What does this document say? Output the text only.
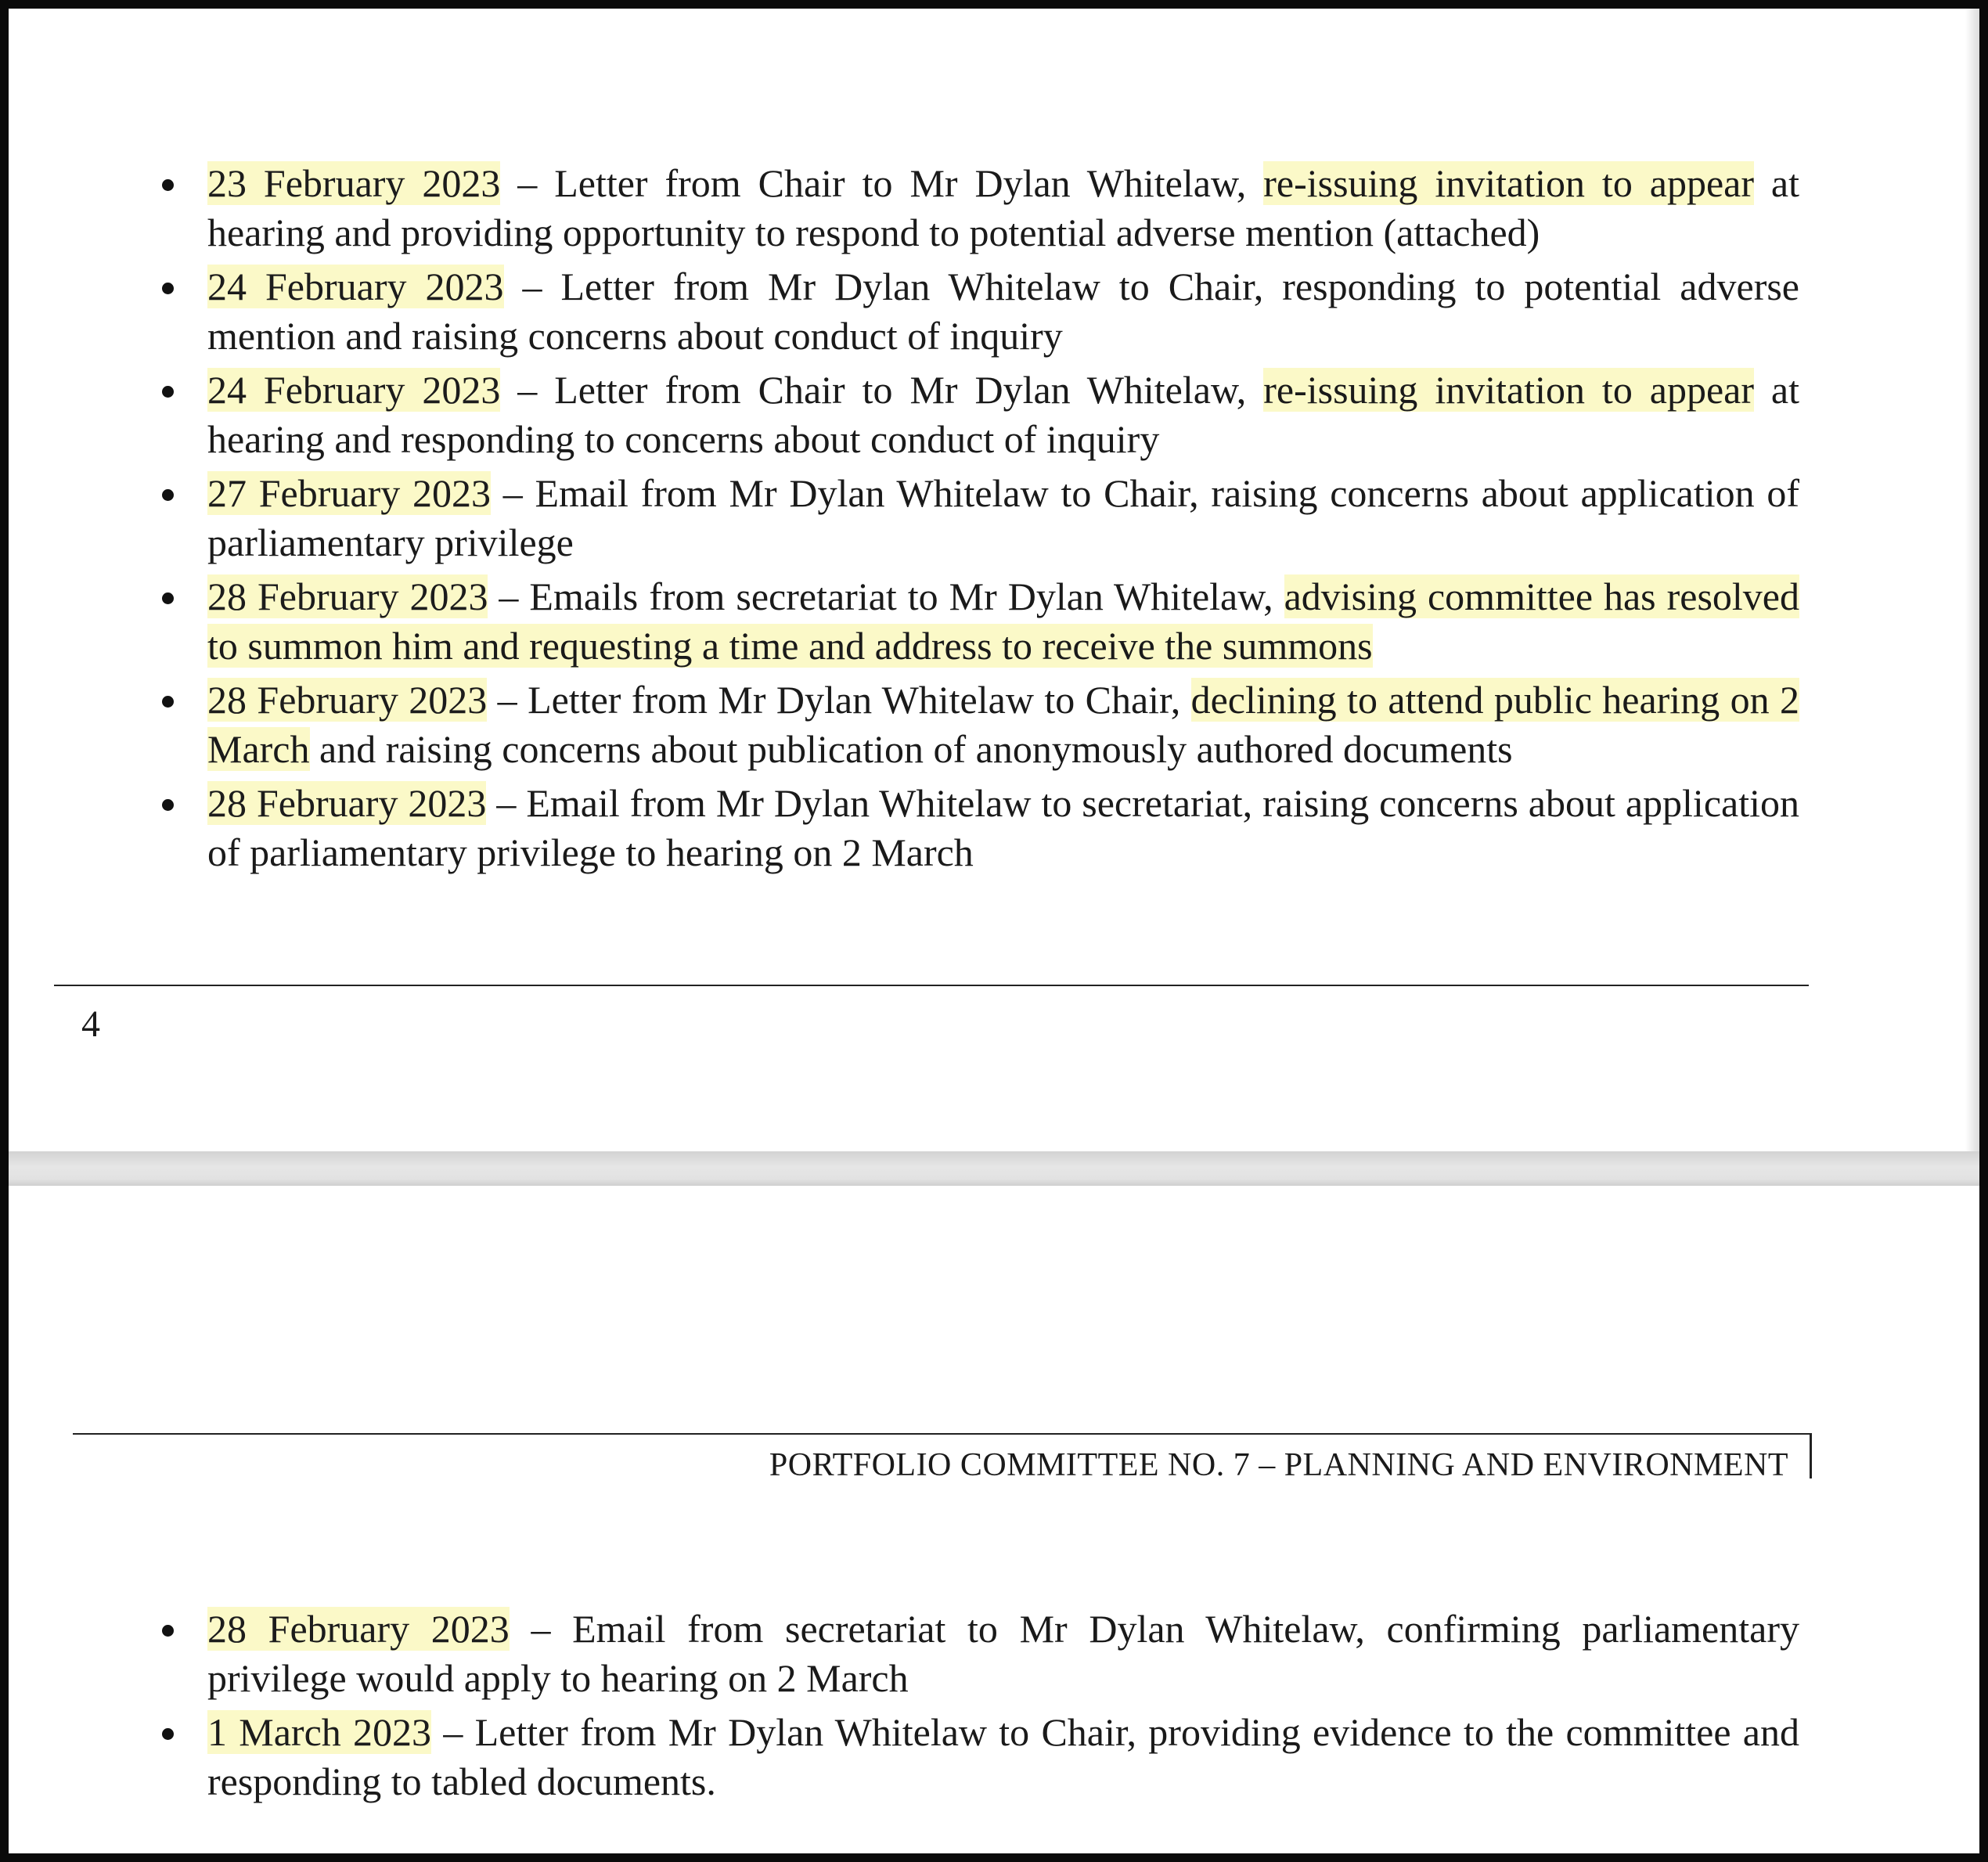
23 February 2023 – Letter from Chair to Mr Dylan Whitelaw, re-issuing invitation to appear at hearing and providing opportunity to respond to potential adverse mention (attached)
24 February 2023 – Letter from Mr Dylan Whitelaw to Chair, responding to potential adverse mention and raising concerns about conduct of inquiry
24 February 2023 – Letter from Chair to Mr Dylan Whitelaw, re-issuing invitation to appear at hearing and responding to concerns about conduct of inquiry
27 February 2023 – Email from Mr Dylan Whitelaw to Chair, raising concerns about application of parliamentary privilege
28 February 2023 – Emails from secretariat to Mr Dylan Whitelaw, advising committee has resolved to summon him and requesting a time and address to receive the summons
28 February 2023 – Letter from Mr Dylan Whitelaw to Chair, declining to attend public hearing on 2 March and raising concerns about publication of anonymously authored documents
28 February 2023 – Email from Mr Dylan Whitelaw to secretariat, raising concerns about application of parliamentary privilege to hearing on 2 March
4
PORTFOLIO COMMITTEE NO. 7 – PLANNING AND ENVIRONMENT
28 February 2023 – Email from secretariat to Mr Dylan Whitelaw, confirming parliamentary privilege would apply to hearing on 2 March
1 March 2023 – Letter from Mr Dylan Whitelaw to Chair, providing evidence to the committee and responding to tabled documents.
